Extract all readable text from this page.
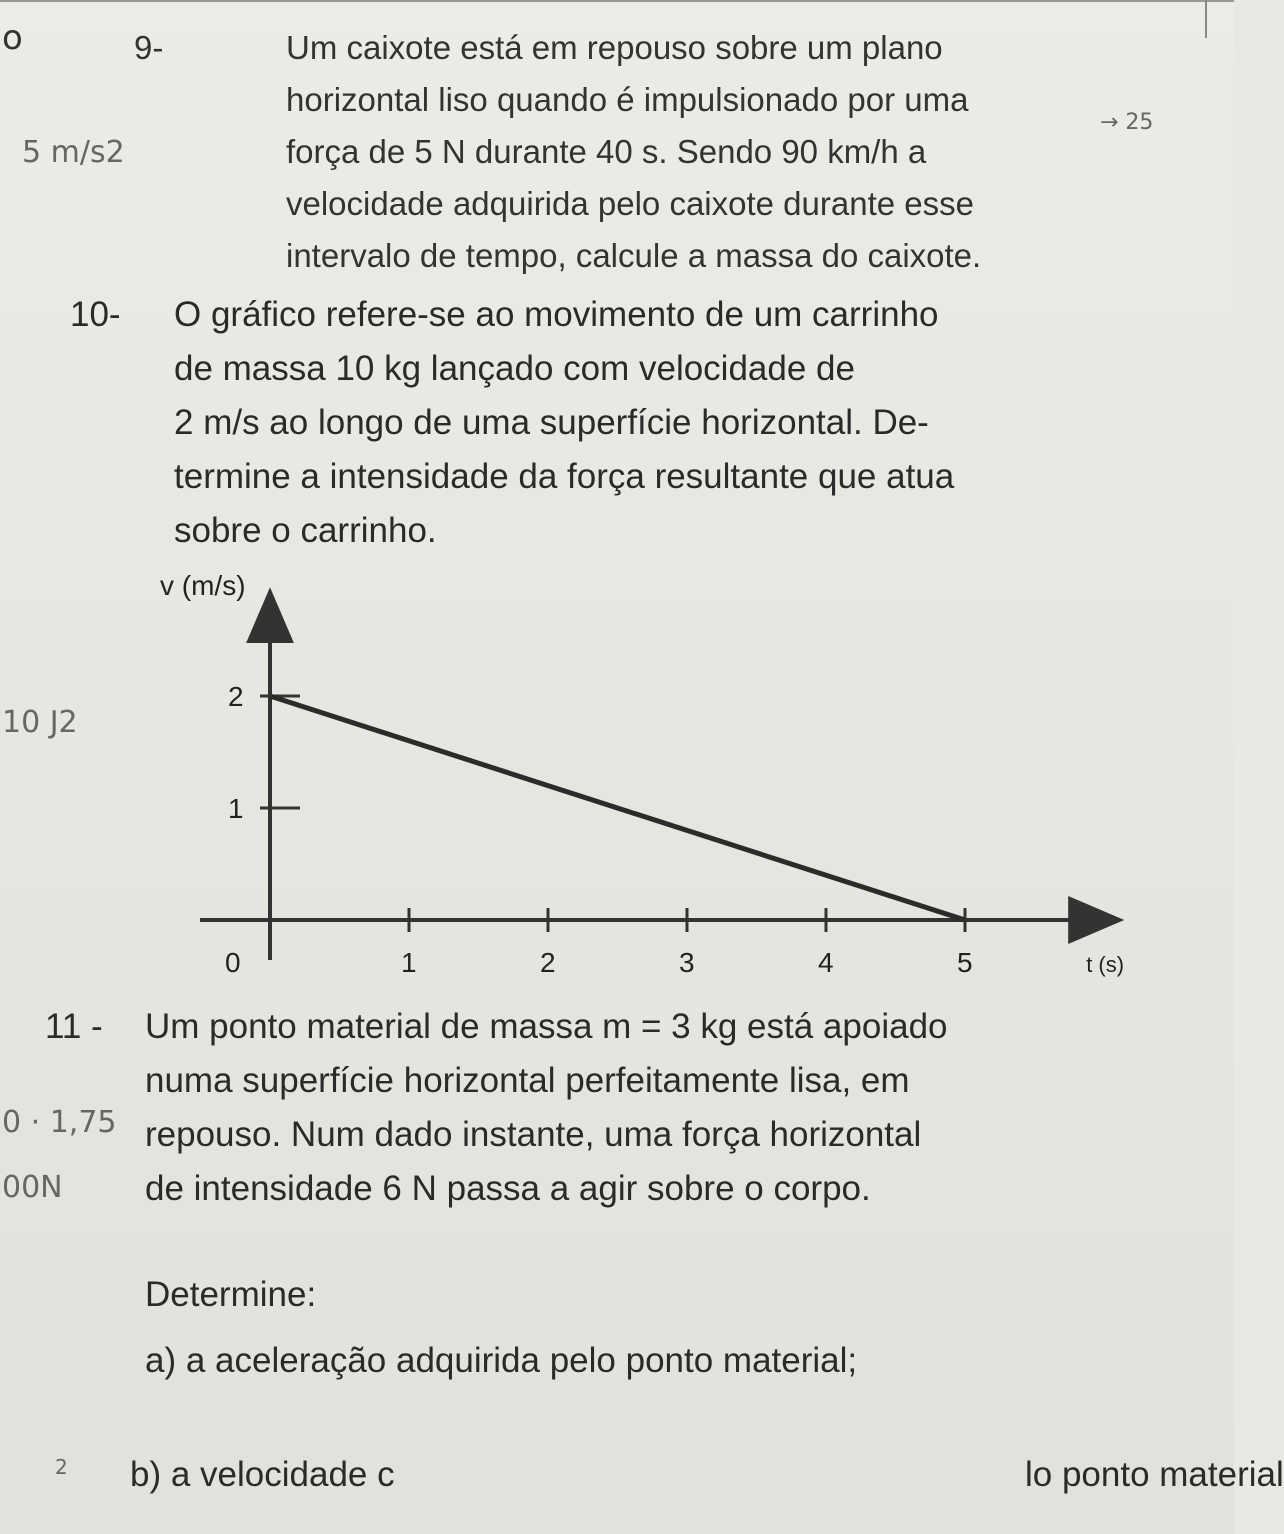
o
5 m/s2
→ 25
10 J2
0 · 1,75
00N
2
9-	Um caixote está em repouso sobre um plano
horizontal liso quando é impulsionado por uma
força de 5 N durante 40 s. Sendo 90 km/h a
velocidade adquirida pelo caixote durante esse
intervalo de tempo, calcule a massa do caixote.
10- O gráfico refere-se ao movimento de um carrinho
de massa 10 kg lançado com velocidade de
2 m/s ao longo de uma superfície horizontal. De-
termine a intensidade da força resultante que atua
sobre o carrinho.
0	1	2	3	4	5
1
2
v (m/s)
t (s)
11 - Um ponto material de massa m = 3 kg está apoiado
numa superfície horizontal perfeitamente lisa, em
repouso. Num dado instante, uma força horizontal
de intensidade 6 N passa a agir sobre o corpo.
Determine:
a) a aceleração adquirida pelo ponto material;
b) a velocidade c	lo ponto material
